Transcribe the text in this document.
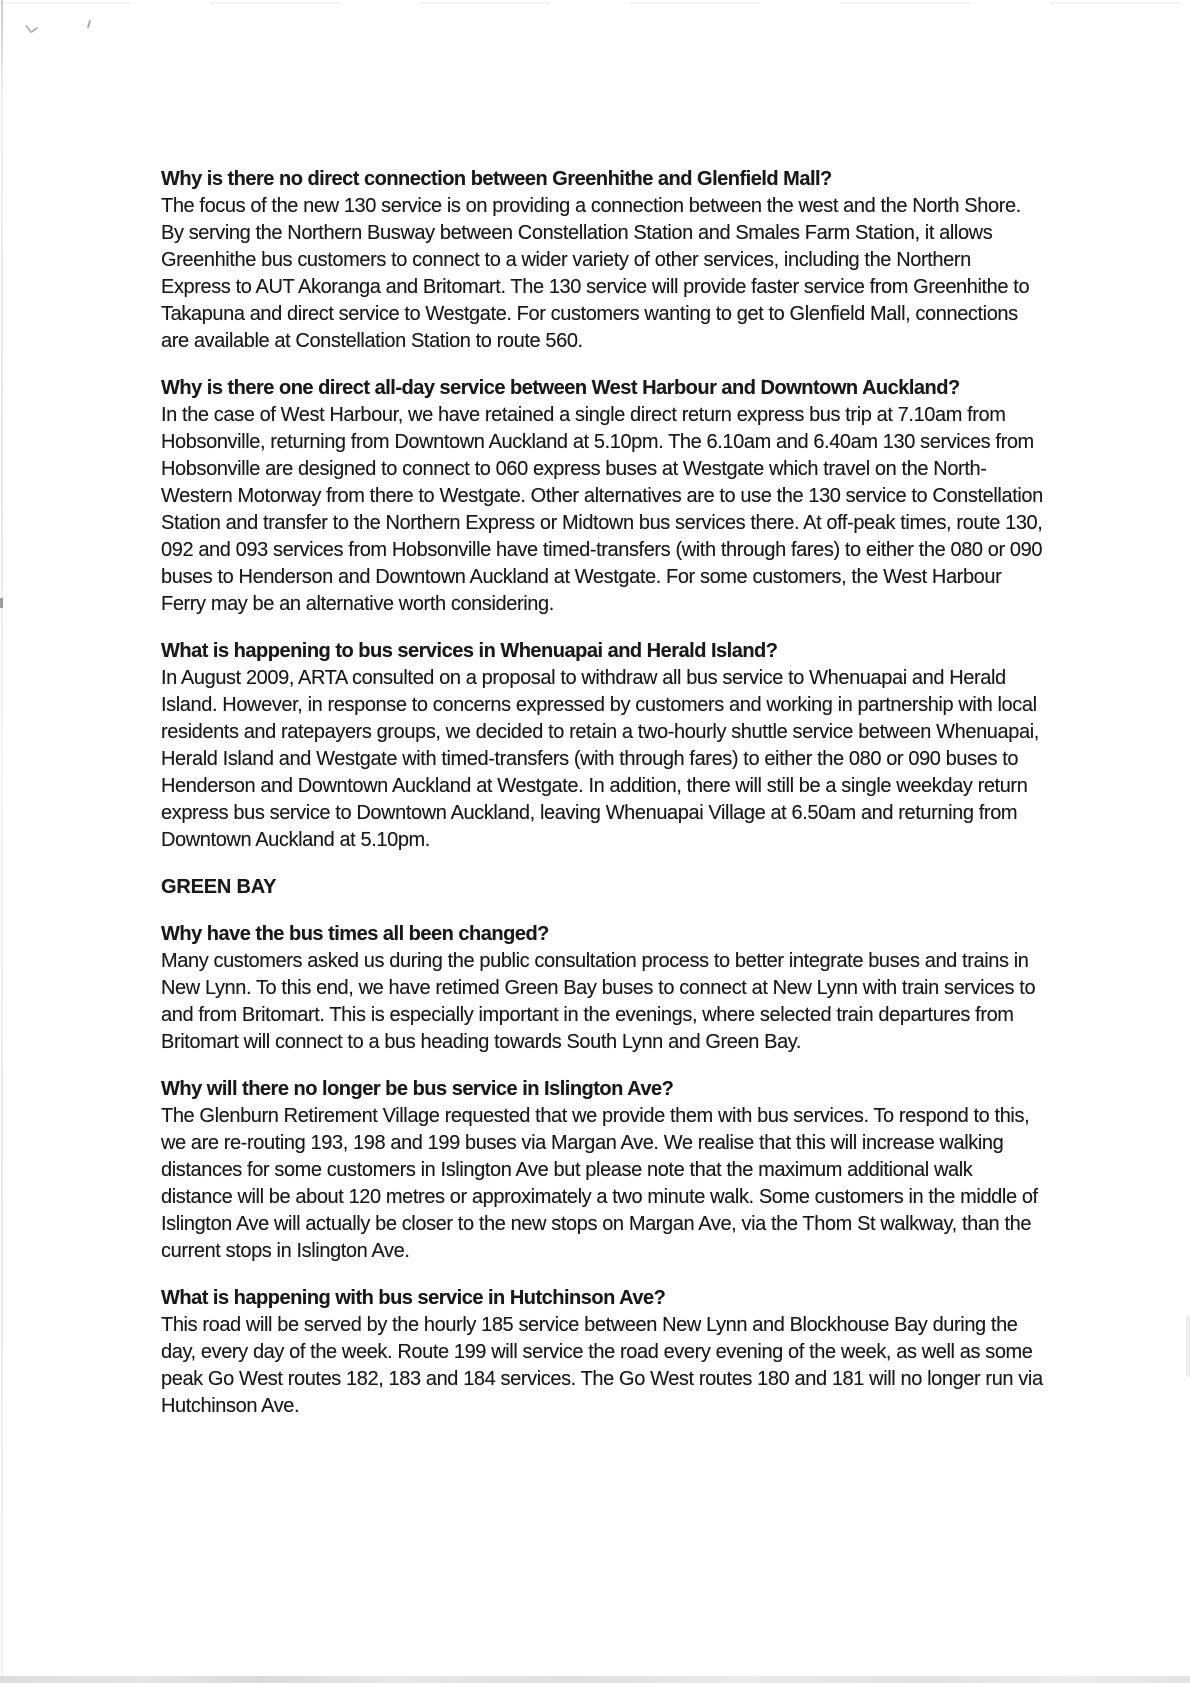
Why is there no direct connection between Greenhithe and Glenfield Mall?

The focus of the new 130 service is on providing a connection between the west and the North Shore. By serving the Northern Busway between Constellation Station and Smales Farm Station, it allows Greenhithe bus customers to connect to a wider variety of other services, including the Northern Express to AUT Akoranga and Britomart. The 130 service will provide faster service from Greenhithe to Takapuna and direct service to Westgate. For customers wanting to get to Glenfield Mall, connections are available at Constellation Station to route 560.

Why is there one direct all-day service between West Harbour and Downtown Auckland?

In the case of West Harbour, we have retained a single direct return express bus trip at 7.10am from Hobsonville, returning from Downtown Auckland at 5.10pm. The 6.10am and 6.40am 130 services from Hobsonville are designed to connect to 060 express buses at Westgate which travel on the North-Western Motorway from there to Westgate. Other alternatives are to use the 130 service to Constellation Station and transfer to the Northern Express or Midtown bus services there. At off-peak times, route 130, 092 and 093 services from Hobsonville have timed-transfers (with through fares) to either the 080 or 090 buses to Henderson and Downtown Auckland at Westgate. For some customers, the West Harbour Ferry may be an alternative worth considering.

What is happening to bus services in Whenuapai and Herald Island?

In August 2009, ARTA consulted on a proposal to withdraw all bus service to Whenuapai and Herald Island. However, in response to concerns expressed by customers and working in partnership with local residents and ratepayers groups, we decided to retain a two-hourly shuttle service between Whenuapai, Herald Island and Westgate with timed-transfers (with through fares) to either the 080 or 090 buses to Henderson and Downtown Auckland at Westgate. In addition, there will still be a single weekday return express bus service to Downtown Auckland, leaving Whenuapai Village at 6.50am and returning from Downtown Auckland at 5.10pm.

GREEN BAY
Why have the bus times all been changed?

Many customers asked us during the public consultation process to better integrate buses and trains in New Lynn. To this end, we have retimed Green Bay buses to connect at New Lynn with train services to and from Britomart. This is especially important in the evenings, where selected train departures from Britomart will connect to a bus heading towards South Lynn and Green Bay.

Why will there no longer be bus service in Islington Ave?

The Glenburn Retirement Village requested that we provide them with bus services. To respond to this, we are re-routing 193, 198 and 199 buses via Margan Ave. We realise that this will increase walking distances for some customers in Islington Ave but please note that the maximum additional walk distance will be about 120 metres or approximately a two minute walk. Some customers in the middle of Islington Ave will actually be closer to the new stops on Margan Ave, via the Thom St walkway, than the current stops in Islington Ave.

What is happening with bus service in Hutchinson Ave?

This road will be served by the hourly 185 service between New Lynn and Blockhouse Bay during the day, every day of the week. Route 199 will service the road every evening of the week, as well as some peak Go West routes 182, 183 and 184 services. The Go West routes 180 and 181 will no longer run via Hutchinson Ave.
